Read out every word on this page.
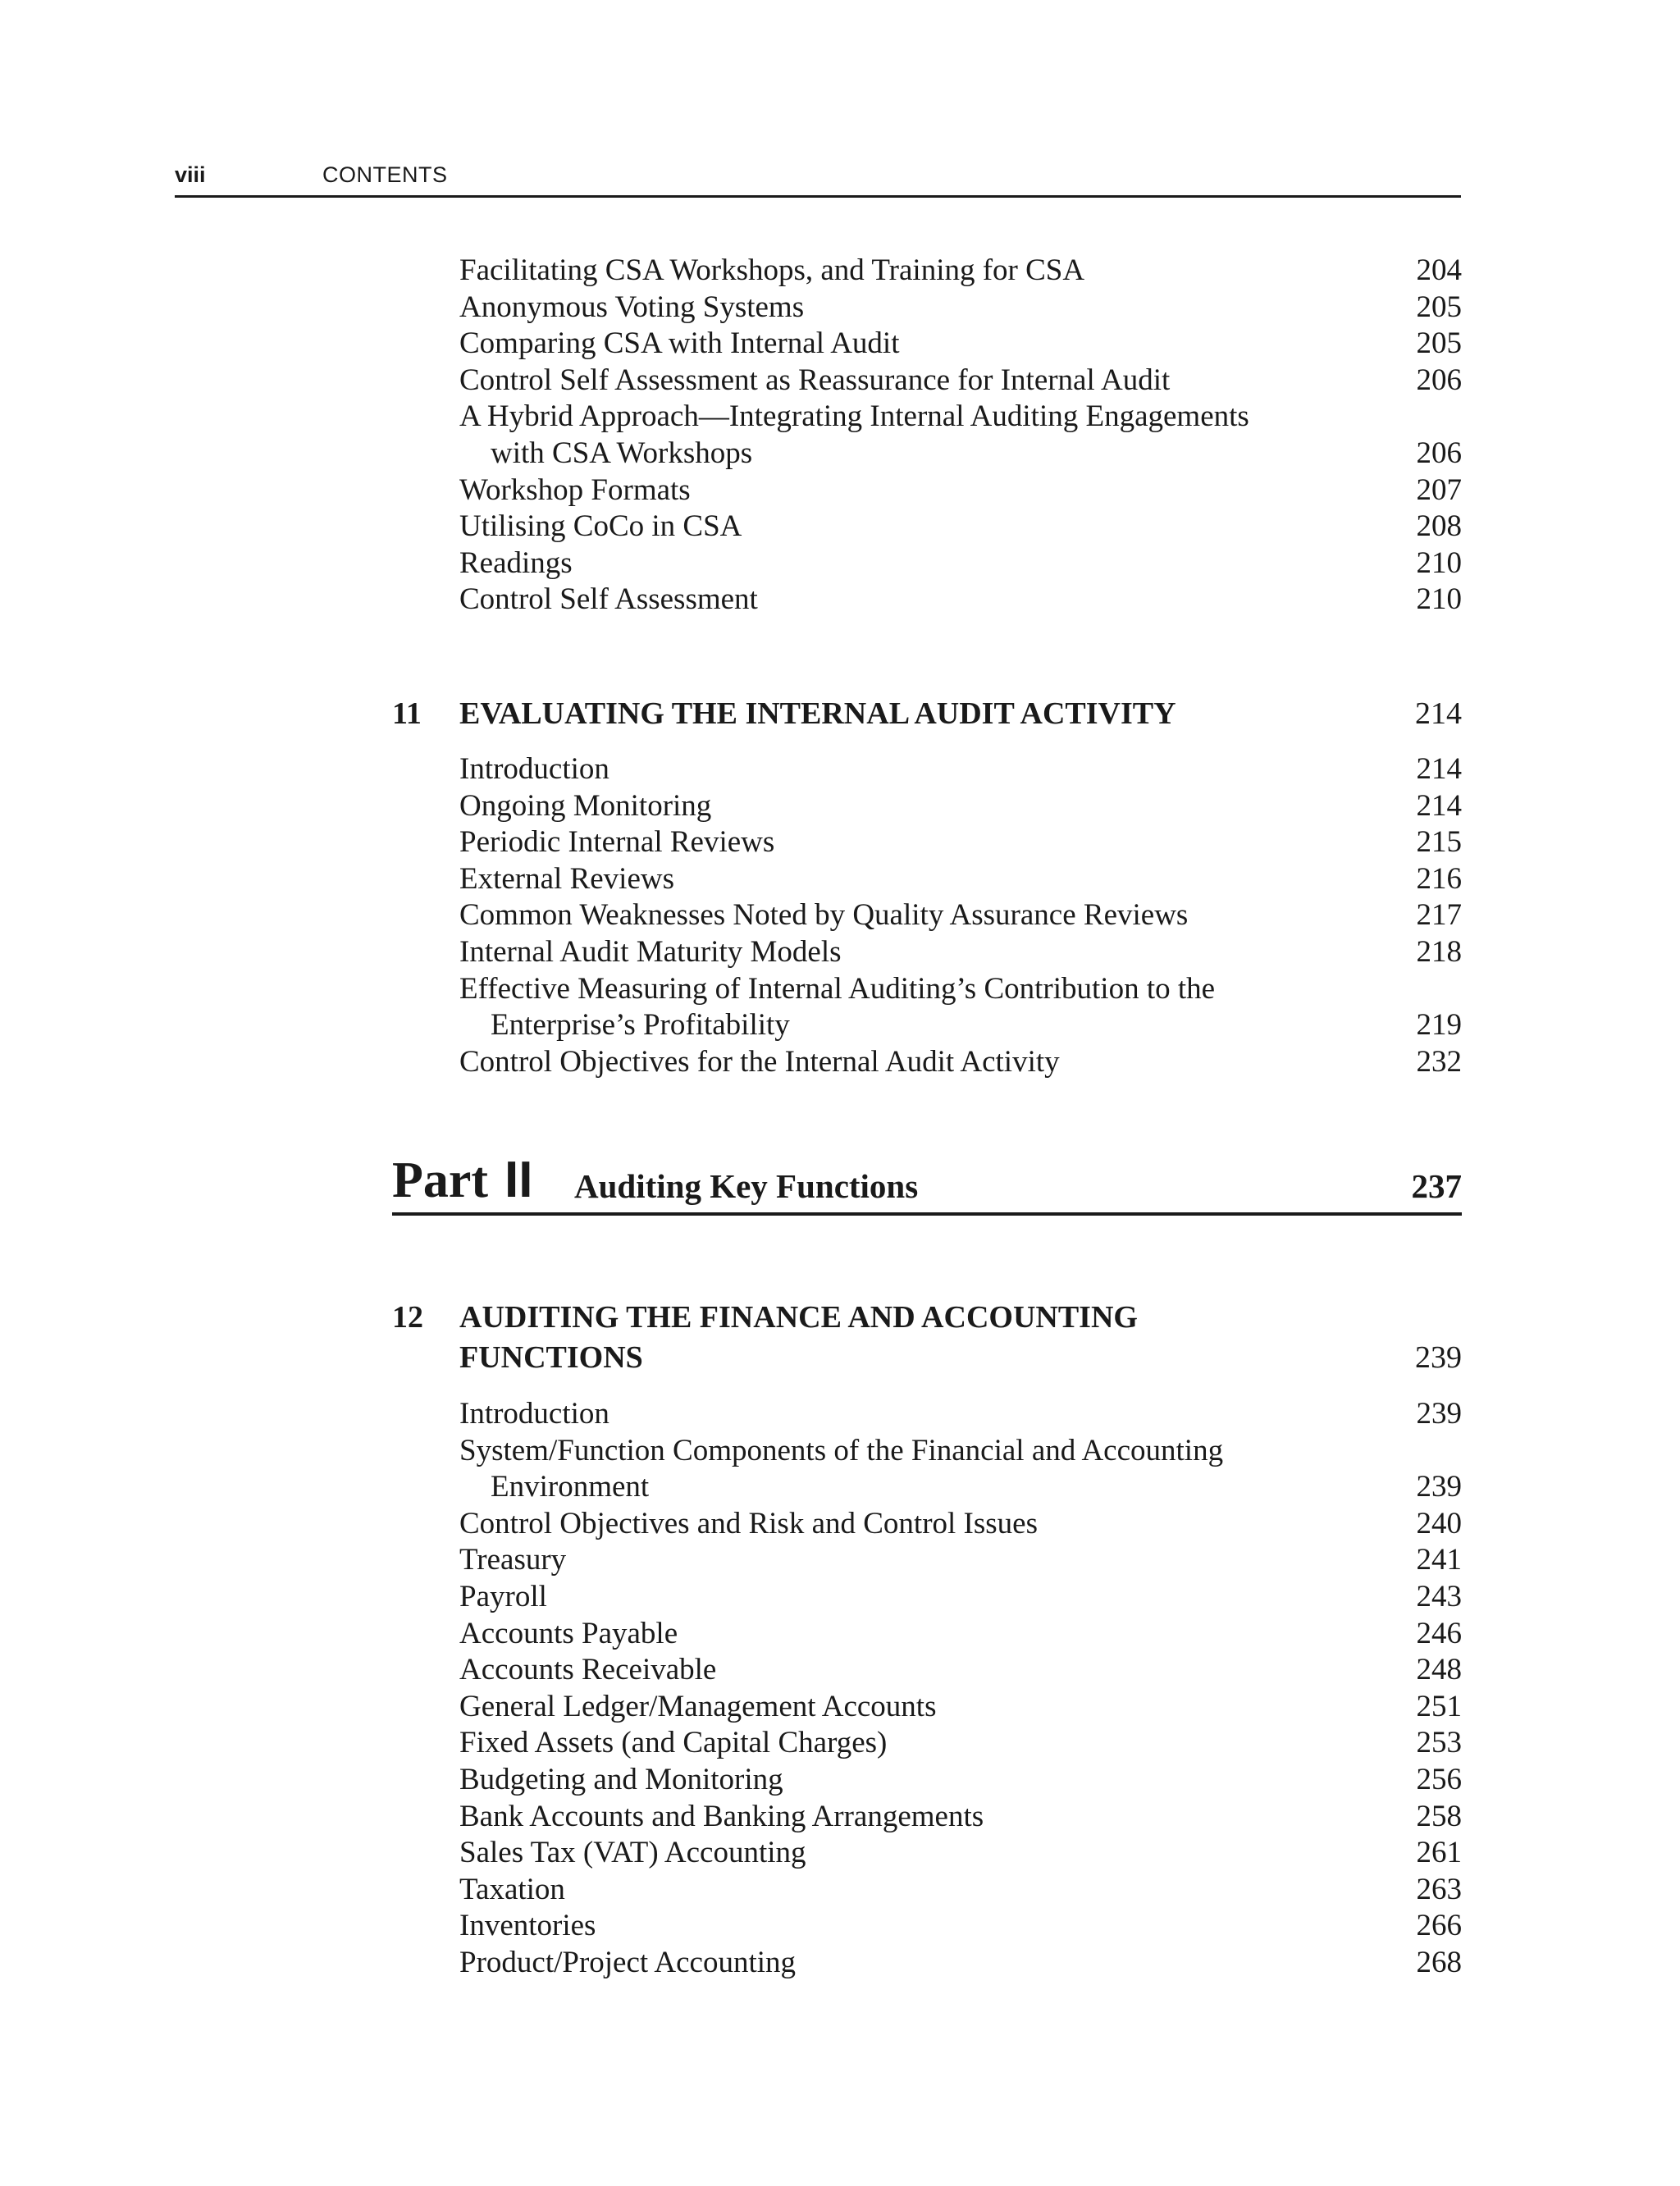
viii	CONTENTS
Facilitating CSA Workshops, and Training for CSA	204
Anonymous Voting Systems	205
Comparing CSA with Internal Audit	205
Control Self Assessment as Reassurance for Internal Audit	206
A Hybrid Approach—Integrating Internal Auditing Engagements
with CSA Workshops	206
Workshop Formats	207
Utilising CoCo in CSA	208
Readings	210
Control Self Assessment	210
11 EVALUATING THE INTERNAL AUDIT ACTIVITY	214
Introduction	214
Ongoing Monitoring	214
Periodic Internal Reviews	215
External Reviews	216
Common Weaknesses Noted by Quality Assurance Reviews	217
Internal Audit Maturity Models	218
Effective Measuring of Internal Auditing’s Contribution to the
Enterprise’s Profitability	219
Control Objectives for the Internal Audit Activity	232
Part II Auditing Key Functions	237
12 AUDITING THE FINANCE AND ACCOUNTING
FUNCTIONS	239
Introduction	239
System/Function Components of the Financial and Accounting
Environment	239
Control Objectives and Risk and Control Issues	240
Treasury	241
Payroll	243
Accounts Payable	246
Accounts Receivable	248
General Ledger/Management Accounts	251
Fixed Assets (and Capital Charges)	253
Budgeting and Monitoring	256
Bank Accounts and Banking Arrangements	258
Sales Tax (VAT) Accounting	261
Taxation	263
Inventories	266
Product/Project Accounting	268
